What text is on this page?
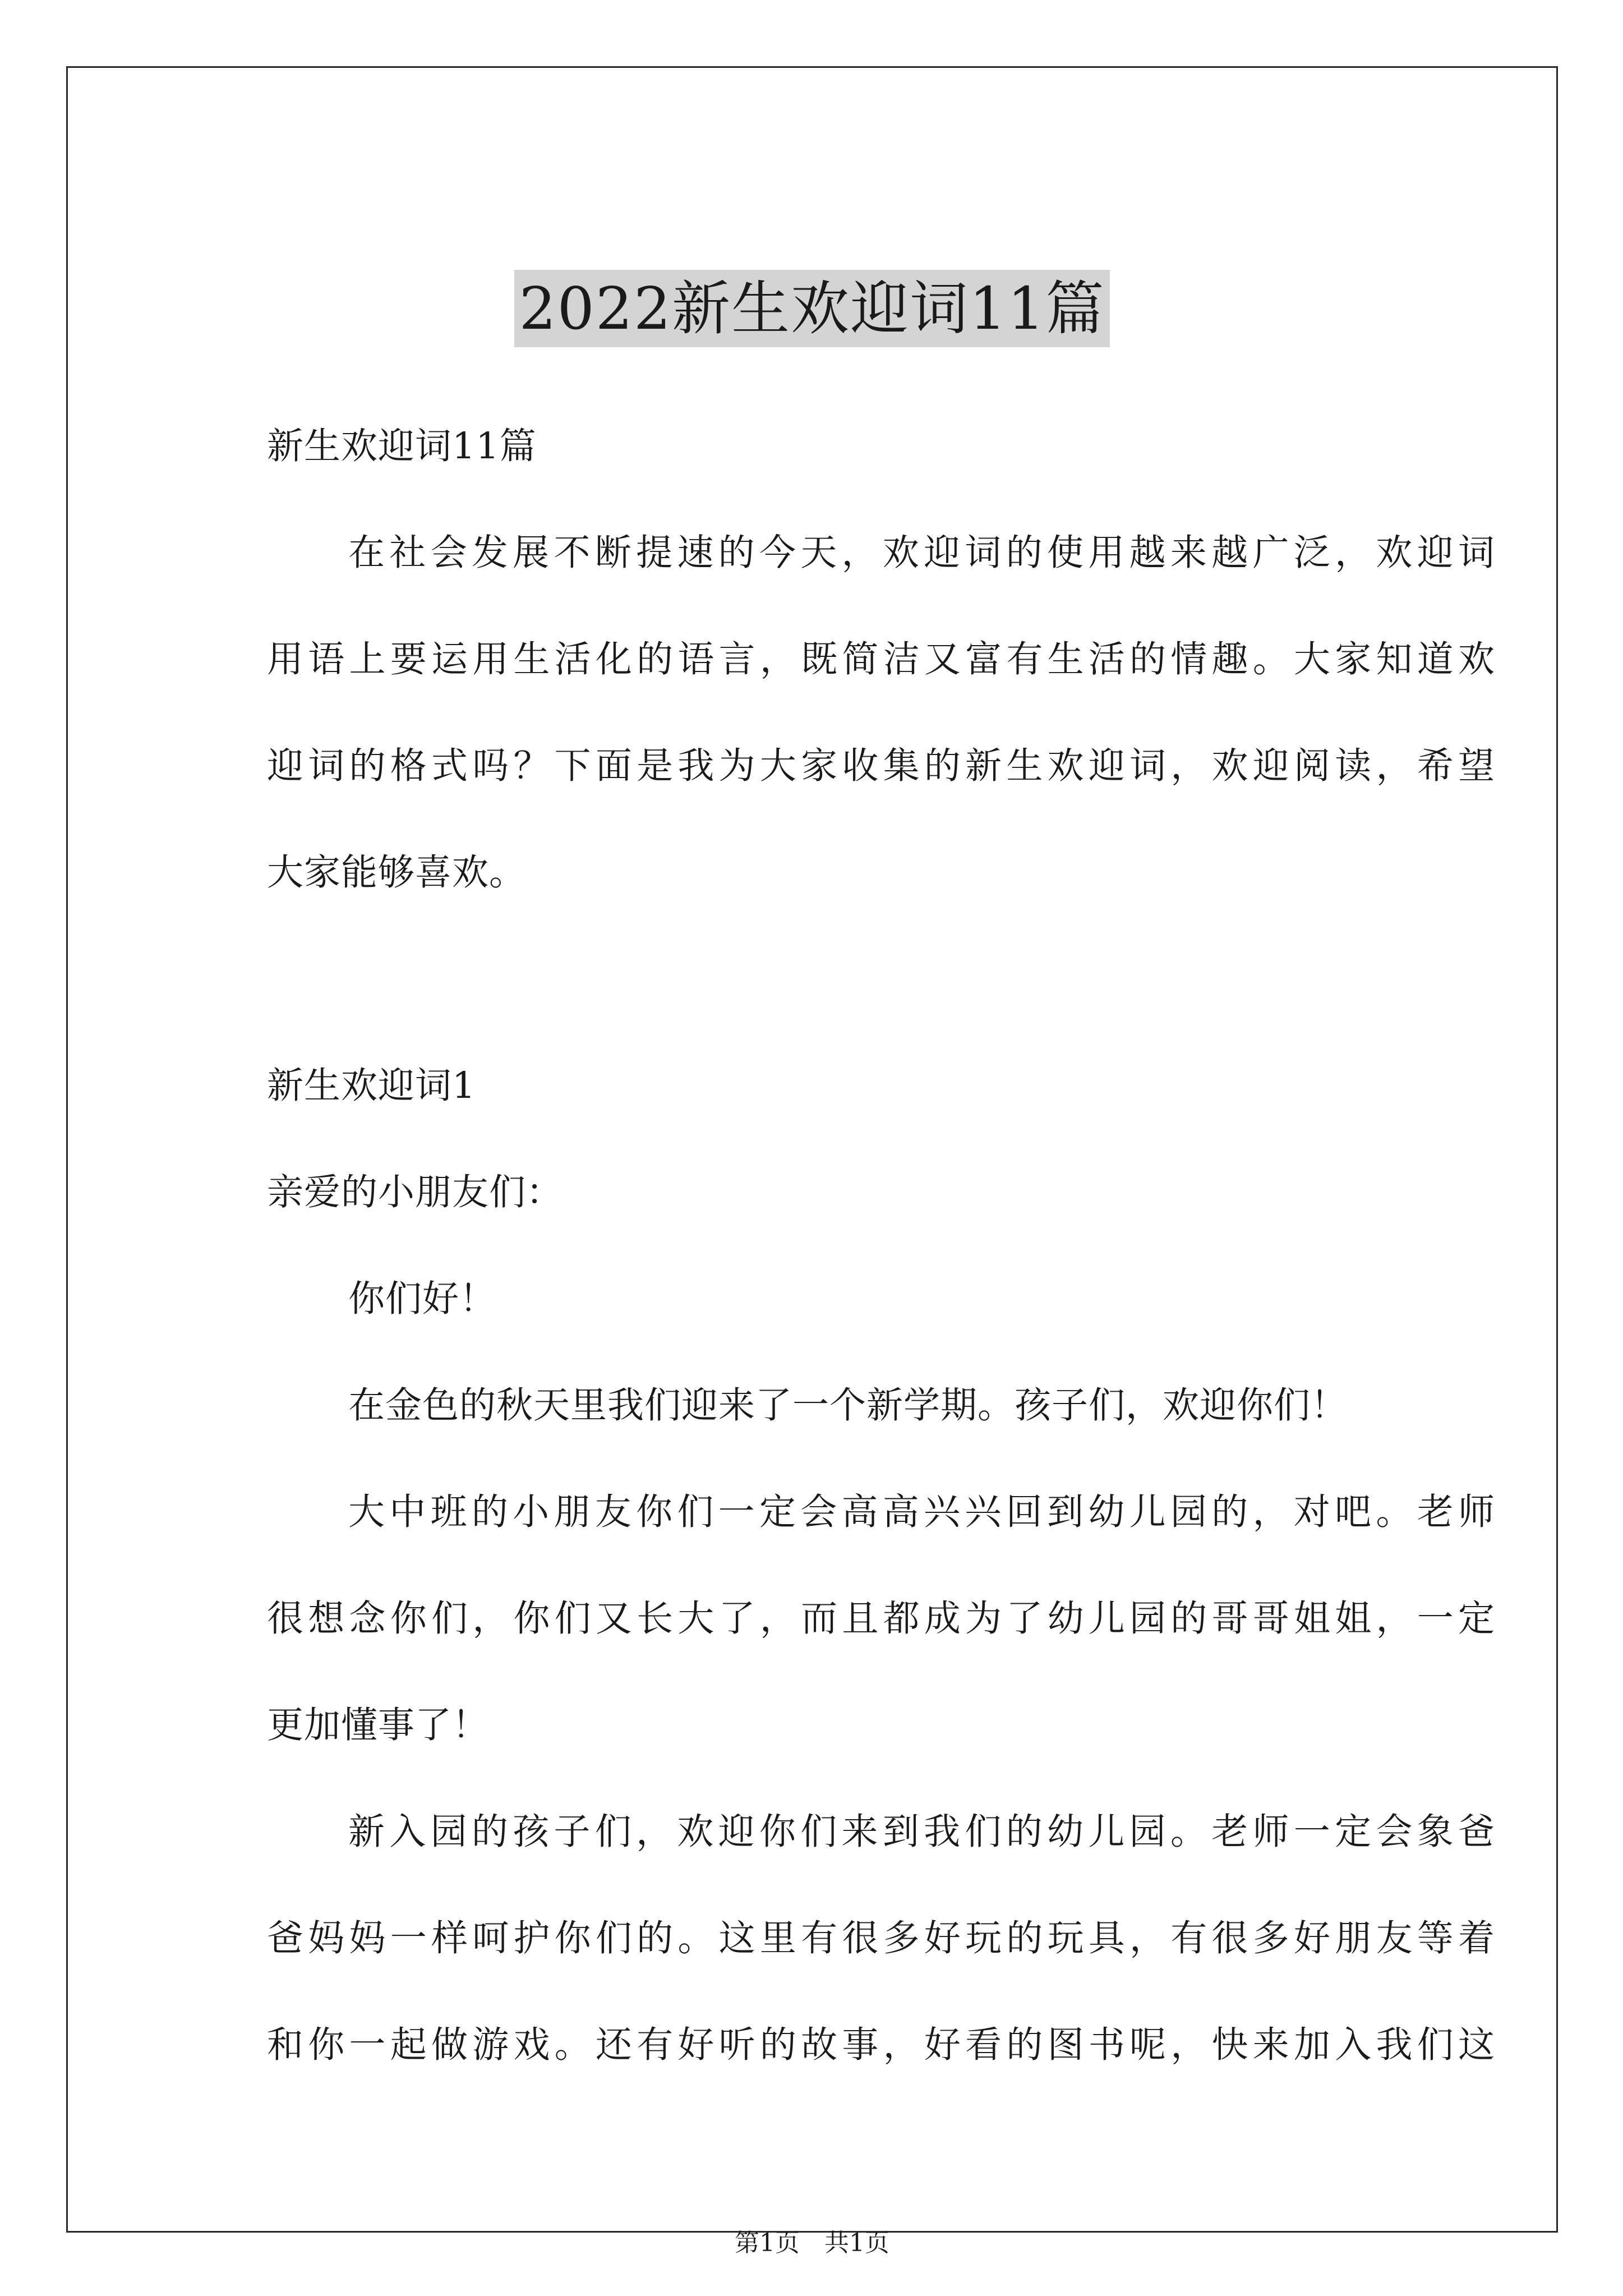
2022新生欢迎词11篇
新生欢迎词11篇
在社会发展不断提速的今天，欢迎词的使用越来越广泛，欢迎词
用语上要运用生活化的语言，既简洁又富有生活的情趣。大家知道欢
迎词的格式吗？下面是我为大家收集的新生欢迎词，欢迎阅读，希望
大家能够喜欢。
新生欢迎词1
亲爱的小朋友们：
你们好！
在金色的秋天里我们迎来了一个新学期。孩子们，欢迎你们！
大中班的小朋友你们一定会高高兴兴回到幼儿园的，对吧。老师
很想念你们，你们又长大了，而且都成为了幼儿园的哥哥姐姐，一定
更加懂事了！
新入园的孩子们，欢迎你们来到我们的幼儿园。老师一定会象爸
爸妈妈一样呵护你们的。这里有很多好玩的玩具，有很多好朋友等着
和你一起做游戏。还有好听的故事，好看的图书呢，快来加入我们这
第1页　共1页
